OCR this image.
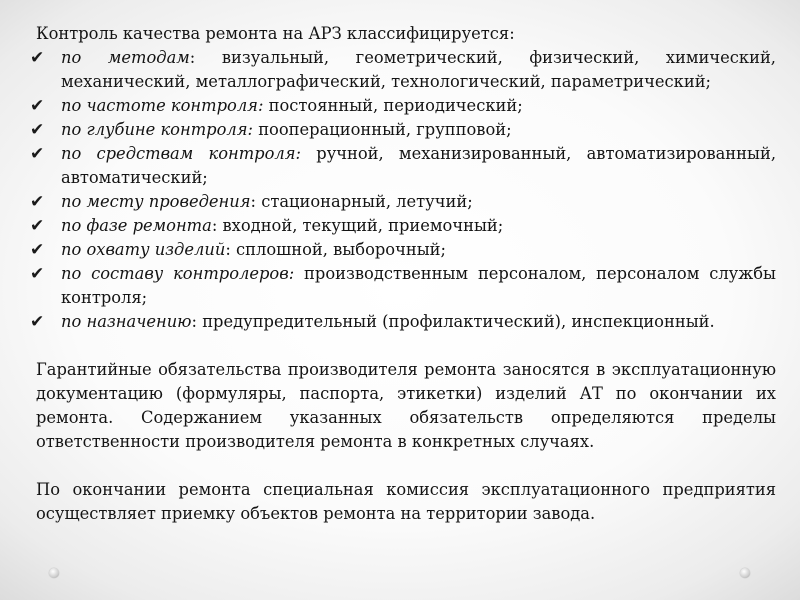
Контроль качества ремонта на АРЗ классифицируется:

✔ по методам: визуальный, геометрический, физический, химический, механический, металлографический, технологический, параметрический;
✔ по частоте контроля: постоянный, периодический;
✔ по глубине контроля: пооперационный, групповой;
✔ по средствам контроля: ручной, механизированный, автоматизированный, автоматический;
✔ по месту проведения: стационарный, летучий;
✔ по фазе ремонта: входной, текущий, приемочный;
✔ по охвату изделий: сплошной, выборочный;
✔ по составу контролеров: производственным персоналом, персоналом службы контроля;
✔ по назначению: предупредительный (профилактический), инспекционный.

Гарантийные обязательства производителя ремонта заносятся в эксплуатационную документацию (формуляры, паспорта, этикетки) изделий АТ по окончании их ремонта. Содержанием указанных обязательств определяются пределы ответственности производителя ремонта в конкретных случаях.

По окончании ремонта специальная комиссия эксплуатационного предприятия осуществляет приемку объектов ремонта на территории завода.
